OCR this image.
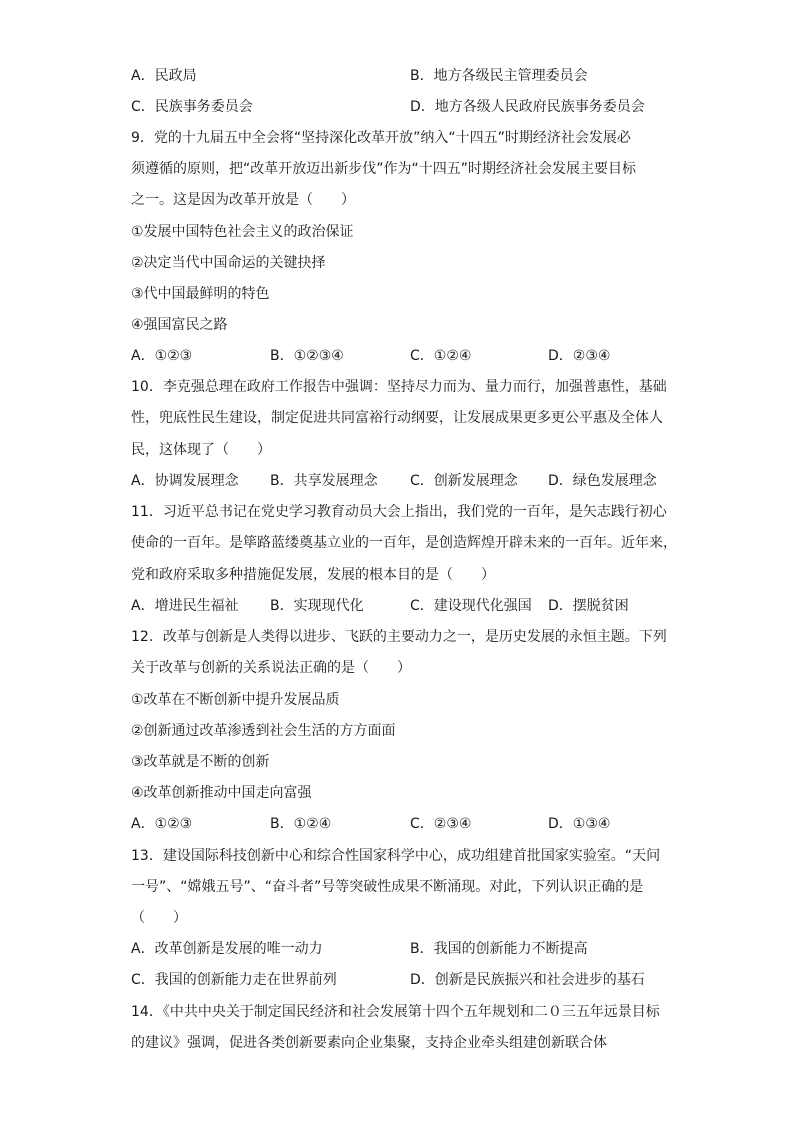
A．民政局	B．地方各级民主管理委员会
C．民族事务委员会	D．地方各级人民政府民族事务委员会
9．党的十九届五中全会将“坚持深化改革开放”纳入“十四五”时期经济社会发展必
须遵循的原则，把“改革开放迈出新步伐”作为“十四五”时期经济社会发展主要目标
之一。这是因为改革开放是（　　）
①发展中国特色社会主义的政治保证
②决定当代中国命运的关键抉择
③代中国最鲜明的特色
④强国富民之路
A．①②③	B．①②③④	C．①②④	D．②③④
10．李克强总理在政府工作报告中强调：坚持尽力而为、量力而行，加强普惠性，基础
性，兜底性民生建设，制定促进共同富裕行动纲要，让发展成果更多更公平惠及全体人
民，这体现了（　　）
A．协调发展理念 B．共享发展理念 C．创新发展理念 D．绿色发展理念
11．习近平总书记在党史学习教育动员大会上指出，我们党的一百年，是矢志践行初心
使命的一百年。是筚路蓝缕奠基立业的一百年，是创造辉煌开辟未来的一百年。近年来，
党和政府采取多种措施促发展，发展的根本目的是（　　）
A．增进民生福祉 B．实现现代化	C．建设现代化强国 D．摆脱贫困
12．改革与创新是人类得以进步、飞跃的主要动力之一，是历史发展的永恒主题。下列
关于改革与创新的关系说法正确的是（　　）
①改革在不断创新中提升发展品质
②创新通过改革渗透到社会生活的方方面面
③改革就是不断的创新
④改革创新推动中国走向富强
A．①②③	B．①②④	C．②③④	D．①③④
13．建设国际科技创新中心和综合性国家科学中心，成功组建首批国家实验室。“天问
一号”、“嫦娥五号”、“奋斗者”号等突破性成果不断涌现。对此，下列认识正确的是
（　　）
A．改革创新是发展的唯一动力	B．我国的创新能力不断提高
C．我国的创新能力走在世界前列	D．创新是民族振兴和社会进步的基石
14．《中共中央关于制定国民经济和社会发展第十四个五年规划和二０三五年远景目标
的建议》强调，促进各类创新要素向企业集聚，支持企业牵头组建创新联合体
